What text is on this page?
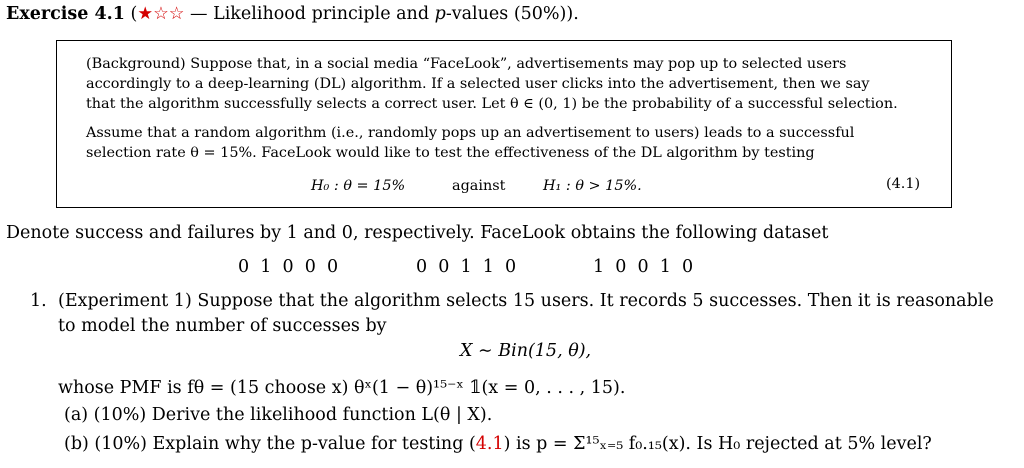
Exercise 4.1 (★☆☆ — Likelihood principle and p-values (50%)).
(Background) Suppose that, in a social media “FaceLook”, advertisements may pop up to selected users
accordingly to a deep-learning (DL) algorithm. If a selected user clicks into the advertisement, then we say
that the algorithm successfully selects a correct user. Let θ ∈ (0, 1) be the probability of a successful selection.
Assume that a random algorithm (i.e., randomly pops up an advertisement to users) leads to a successful
selection rate θ = 15%. FaceLook would like to test the effectiveness of the DL algorithm by testing
H₀ : θ = 15%	against	H₁ : θ > 15%.	(4.1)
Denote success and failures by 1 and 0, respectively. FaceLook obtains the following dataset
0  1  0  0  0	0  0  1  1  0	1  0  0  1  0
1. (Experiment 1) Suppose that the algorithm selects 15 users. It records 5 successes. Then it is reasonable
to model the number of successes by
X ∼ Bin(15, θ),
whose PMF is fθ = (15 choose x) θˣ(1 − θ)¹⁵⁻ˣ 𝟙(x = 0, . . . , 15).
(a) (10%) Derive the likelihood function L(θ | X).
(b) (10%) Explain why the p-value for testing (4.1) is p = Σ¹⁵ₓ₌₅ f₀.₁₅(x). Is H₀ rejected at 5% level?
